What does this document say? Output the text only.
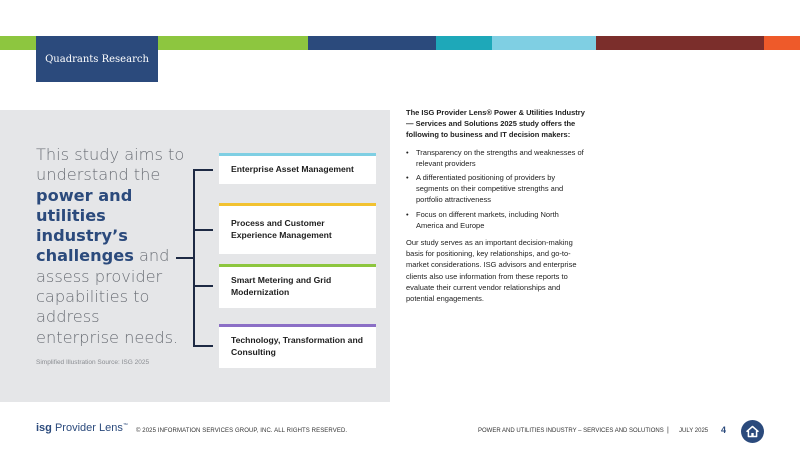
Quadrants Research
This study aims to understand the power and utilities industry’s challenges and assess provider capabilities to address enterprise needs.
Simplified Illustration Source: ISG 2025
Enterprise Asset Management
Process and Customer Experience Management
Smart Metering and Grid Modernization
Technology, Transformation and Consulting

The ISG Provider Lens® Power & Utilities Industry — Services and Solutions 2025 study offers the following to business and IT decision makers:

• Transparency on the strengths and weaknesses of relevant providers
• A differentiated positioning of providers by segments on their competitive strengths and portfolio attractiveness
• Focus on different markets, including North America and Europe

Our study serves as an important decision-making basis for positioning, key relationships, and go-to-market considerations. ISG advisors and enterprise clients also use information from these reports to evaluate their current vendor relationships and potential engagements.

isg Provider Lens™
© 2025 INFORMATION SERVICES GROUP, INC. ALL RIGHTS RESERVED.	POWER AND UTILITIES INDUSTRY – SERVICES AND SOLUTIONS | JULY 2025 4
